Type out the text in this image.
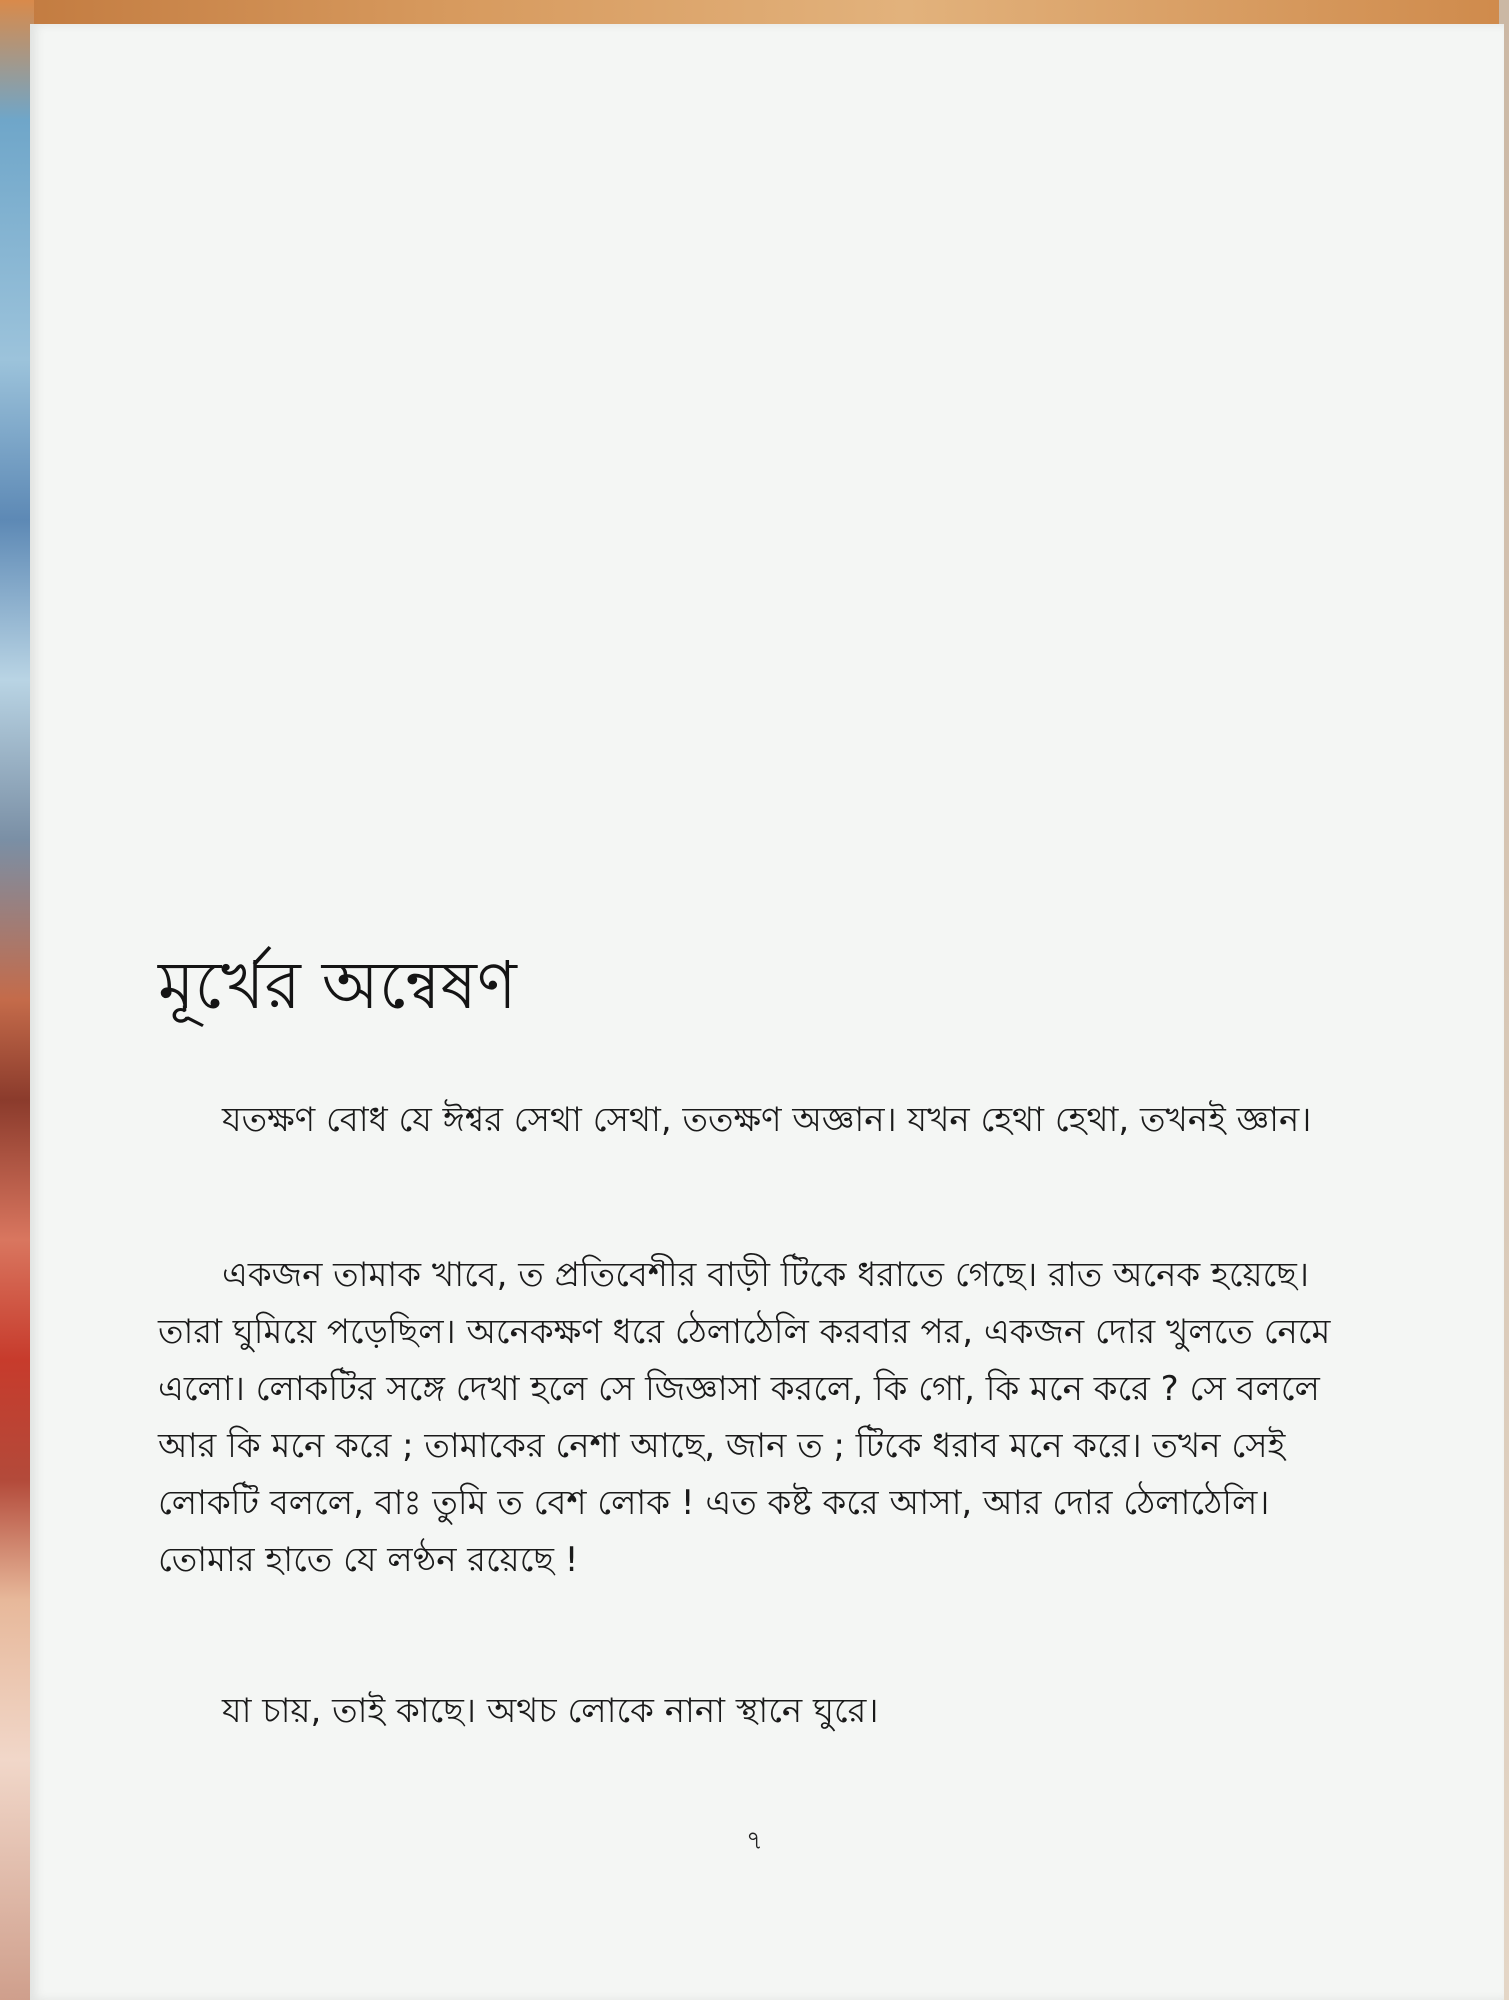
মূর্খের অন্বেষণ

যতক্ষণ বোধ যে ঈশ্বর সেথা সেথা, ততক্ষণ অজ্ঞান। যখন হেথা হেথা, তখনই জ্ঞান।

একজন তামাক খাবে, ত প্রতিবেশীর বাড়ী টিকে ধরাতে গেছে। রাত অনেক হয়েছে। তারা ঘুমিয়ে পড়েছিল। অনেকক্ষণ ধরে ঠেলাঠেলি করবার পর, একজন দোর খুলতে নেমে এলো। লোকটির সঙ্গে দেখা হলে সে জিজ্ঞাসা করলে, কি গো, কি মনে করে ? সে বললে আর কি মনে করে ; তামাকের নেশা আছে, জান ত ; টিকে ধরাব মনে করে। তখন সেই লোকটি বললে, বাঃ তুমি ত বেশ লোক ! এত কষ্ট করে আসা, আর দোর ঠেলাঠেলি। তোমার হাতে যে লণ্ঠন রয়েছে !

যা চায়, তাই কাছে। অথচ লোকে নানা স্থানে ঘুরে।

৭
